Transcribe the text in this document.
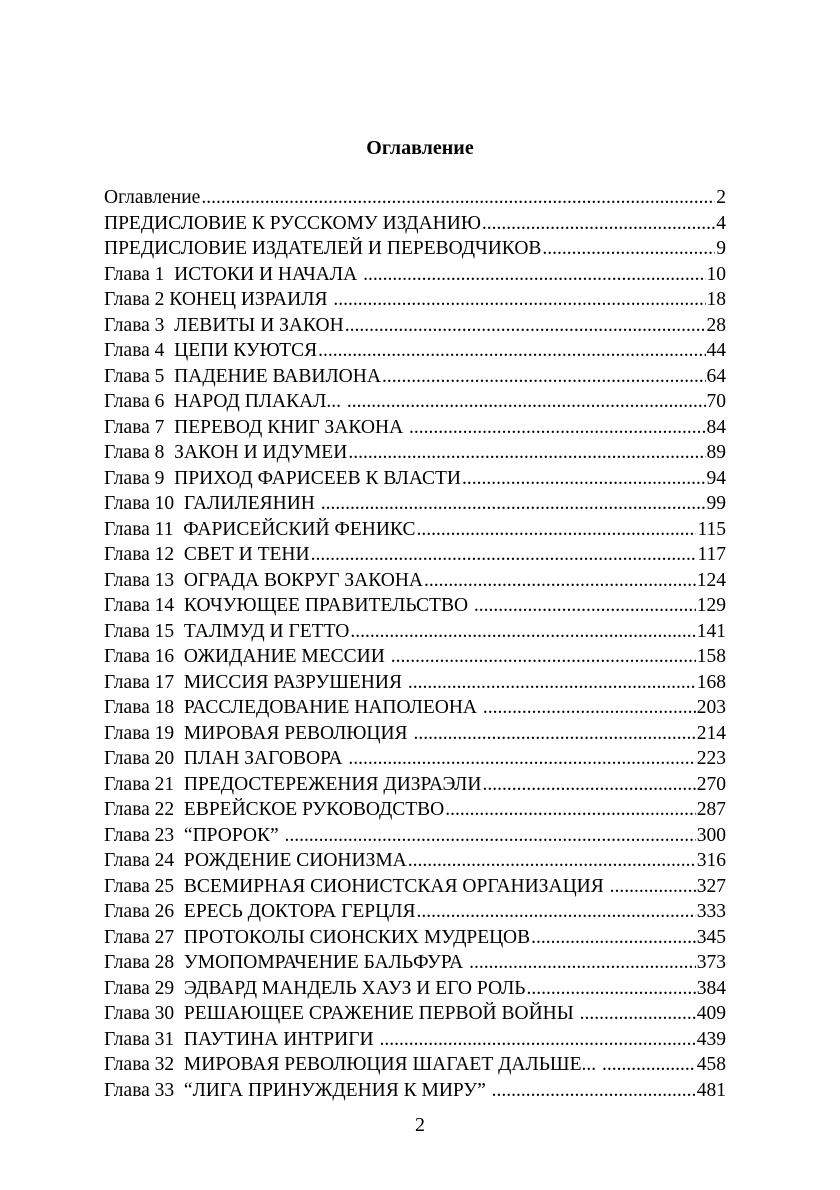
Оглавление
Оглавление .....	2
ПРЕДИСЛОВИЕ К РУССКОМУ ИЗДАНИЮ .....	4
ПРЕДИСЛОВИЕ ИЗДАТЕЛЕЙ И ПЕРЕВОДЧИКОВ .....	9
Глава 1  ИСТОКИ И НАЧАЛА .....	10
Глава 2 КОНЕЦ ИЗРАИЛЯ .....	18
Глава 3  ЛЕВИТЫ И ЗАКОН .....	28
Глава 4  ЦЕПИ КУЮТСЯ .....	44
Глава 5  ПАДЕНИЕ ВАВИЛОНА .....	64
Глава 6  НАРОД ПЛАКАЛ... .....	70
Глава 7  ПЕРЕВОД КНИГ ЗАКОНА .....	84
Глава 8  ЗАКОН И ИДУМЕИ .....	89
Глава 9  ПРИХОД ФАРИСЕЕВ К ВЛАСТИ .....	94
Глава 10  ГАЛИЛЕЯНИН .....	99
Глава 11  ФАРИСЕЙСКИЙ ФЕНИКС .....	115
Глава 12  СВЕТ И ТЕНИ .....	117
Глава 13  ОГРАДА ВОКРУГ ЗАКОНА .....	124
Глава 14  КОЧУЮЩЕЕ ПРАВИТЕЛЬСТВО .....	129
Глава 15  ТАЛМУД И ГЕТТО .....	141
Глава 16  ОЖИДАНИЕ МЕССИИ .....	158
Глава 17  МИССИЯ РАЗРУШЕНИЯ .....	168
Глава 18  РАССЛЕДОВАНИЕ НАПОЛЕОНА .....	203
Глава 19  МИРОВАЯ РЕВОЛЮЦИЯ .....	214
Глава 20  ПЛАН ЗАГОВОРА .....	223
Глава 21  ПРЕДОСТЕРЕЖЕНИЯ ДИЗРАЭЛИ .....	270
Глава 22  ЕВРЕЙСКОЕ РУКОВОДСТВО .....	287
Глава 23  “ПРОРОК” .....	300
Глава 24  РОЖДЕНИЕ СИОНИЗМА .....	316
Глава 25  ВСЕМИРНАЯ СИОНИСТСКАЯ ОРГАНИЗАЦИЯ .....	327
Глава 26  ЕРЕСЬ ДОКТОРА ГЕРЦЛЯ .....	333
Глава 27  ПРОТОКОЛЫ СИОНСКИХ МУДРЕЦОВ .....	345
Глава 28  УМОПОМРАЧЕНИЕ БАЛЬФУРА .....	373
Глава 29  ЭДВАРД МАНДЕЛЬ ХАУЗ И ЕГО РОЛЬ .....	384
Глава 30  РЕШАЮЩЕЕ СРАЖЕНИЕ ПЕРВОЙ ВОЙНЫ .....	409
Глава 31  ПАУТИНА ИНТРИГИ .....	439
Глава 32  МИРОВАЯ РЕВОЛЮЦИЯ ШАГАЕТ ДАЛЬШЕ... .....	458
Глава 33  “ЛИГА ПРИНУЖДЕНИЯ К МИРУ” .....	481
2
